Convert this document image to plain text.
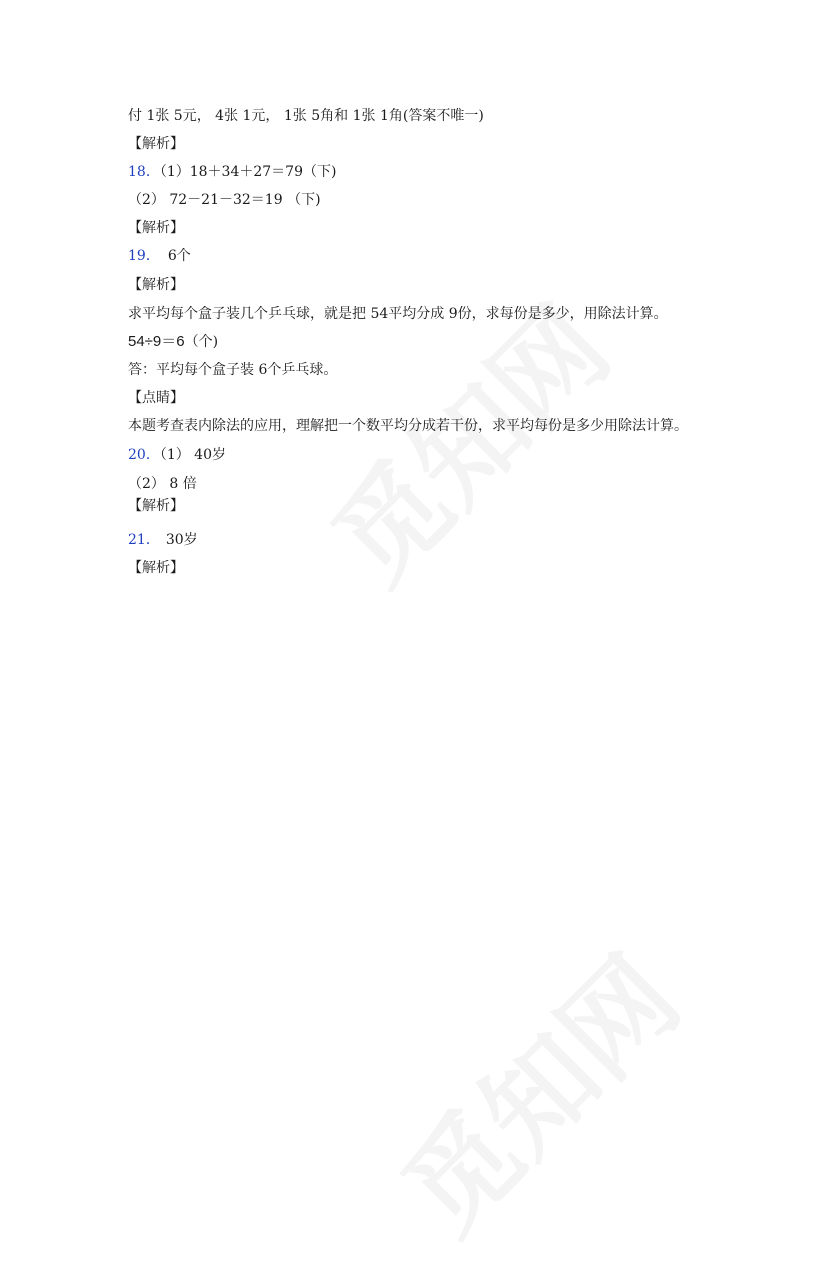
付 1张 5元， 4张 1元， 1张 5角和 1张 1角(答案不唯一)
【解析】
18．（1）18＋34＋27＝79（下)
（2） 72－21－32＝19 （下)
【解析】
19． 6个
【解析】
求平均每个盒子装几个乒乓球，就是把 54平均分成 9份，求每份是多少，用除法计算。
54÷9＝6（个)
答：平均每个盒子装 6个乒乓球。
【点睛】
本题考查表内除法的应用，理解把一个数平均分成若干份，求平均每份是多少用除法计算。
20．（1） 40岁
（2） 8 倍
【解析】
21． 30岁
【解析】
